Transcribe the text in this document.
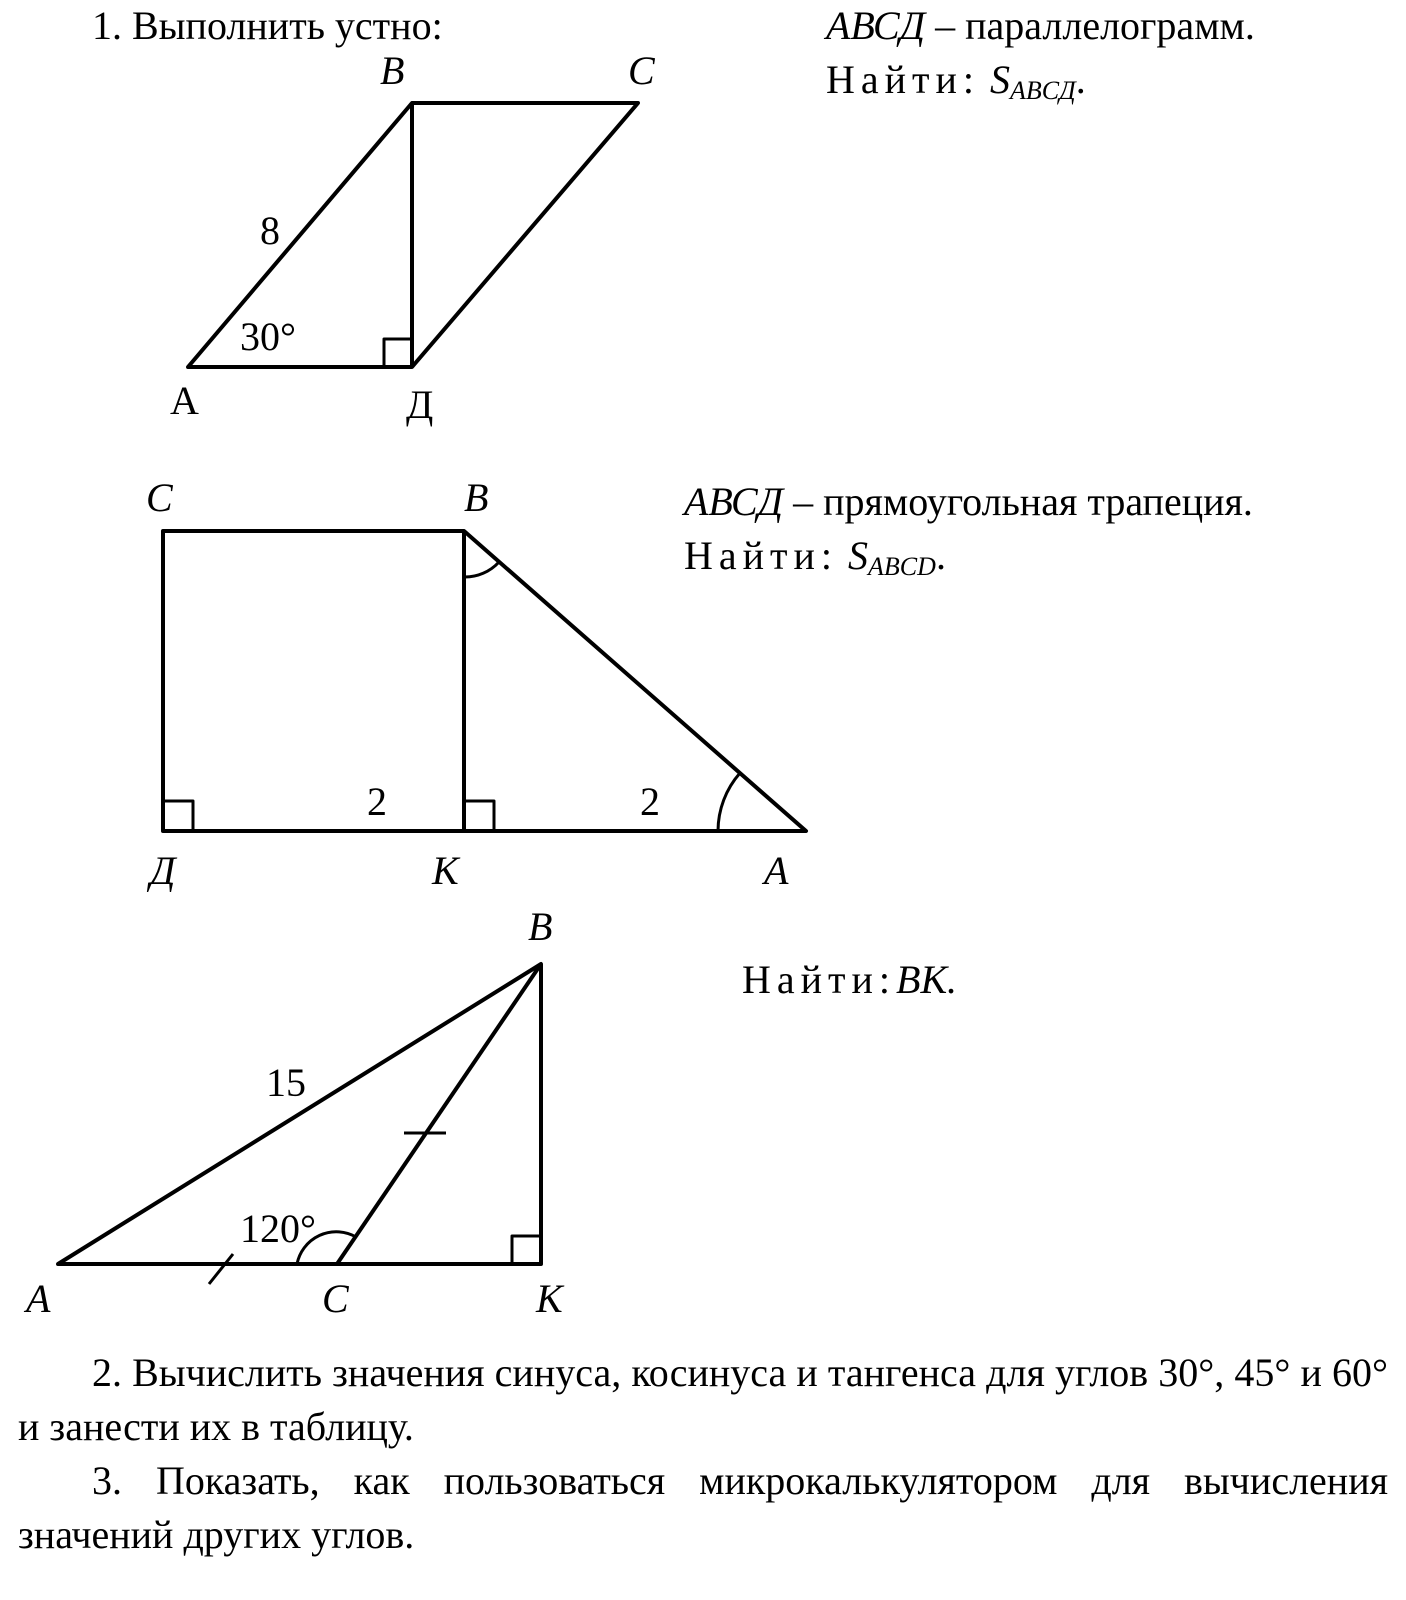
1. Выполнить устно:	АВСД – параллелограмм.
Найти: $S_{ABCД}$.
АВСД – прямоугольная трапеция.
Найти: $S_{ABCD}$.
Найти:ВК.
2. Вычислить значения синуса, косинуса и тангенса для углов 30°, 45° и 60° и занести их в таблицу.
3. Показать, как пользоваться микрокалькулятором для вычисления значений других углов.
В	С
А	Д
8
30°
С	В
Д	К	А
2	2
В
А	С	К
15
120°
